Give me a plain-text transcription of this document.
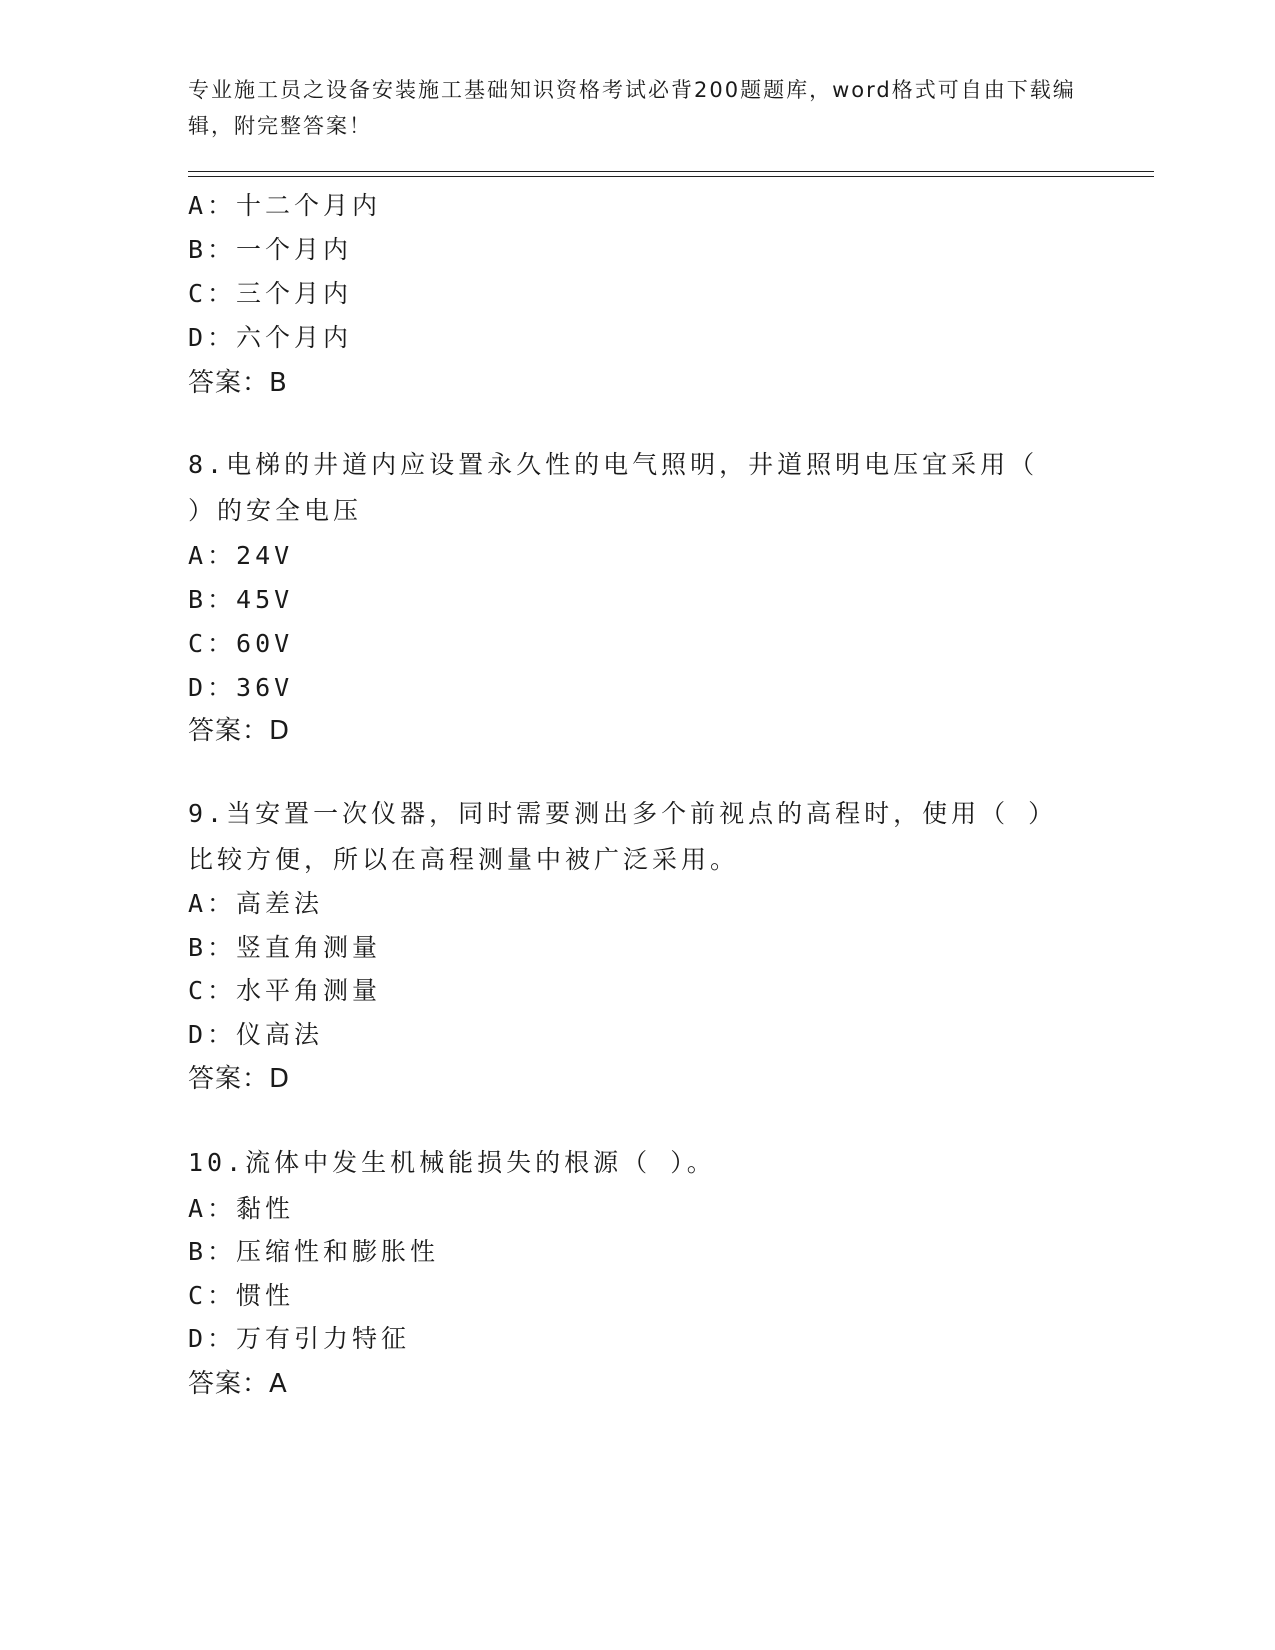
专业施工员之设备安装施工基础知识资格考试必背200题题库，word格式可自由下载编辑，附完整答案！
A：十二个月内
B：一个月内
C：三个月内
D：六个月内
答案：B
8.电梯的井道内应设置永久性的电气照明，井道照明电压宜采用（ ）的安全电压
A：24V
B：45V
C：60V
D：36V
答案：D
9.当安置一次仪器，同时需要测出多个前视点的高程时，使用（ ）比较方便，所以在高程测量中被广泛采用。
A：高差法
B：竖直角测量
C：水平角测量
D：仪高法
答案：D
10.流体中发生机械能损失的根源（ ）。
A：黏性
B：压缩性和膨胀性
C：惯性
D：万有引力特征
答案：A
